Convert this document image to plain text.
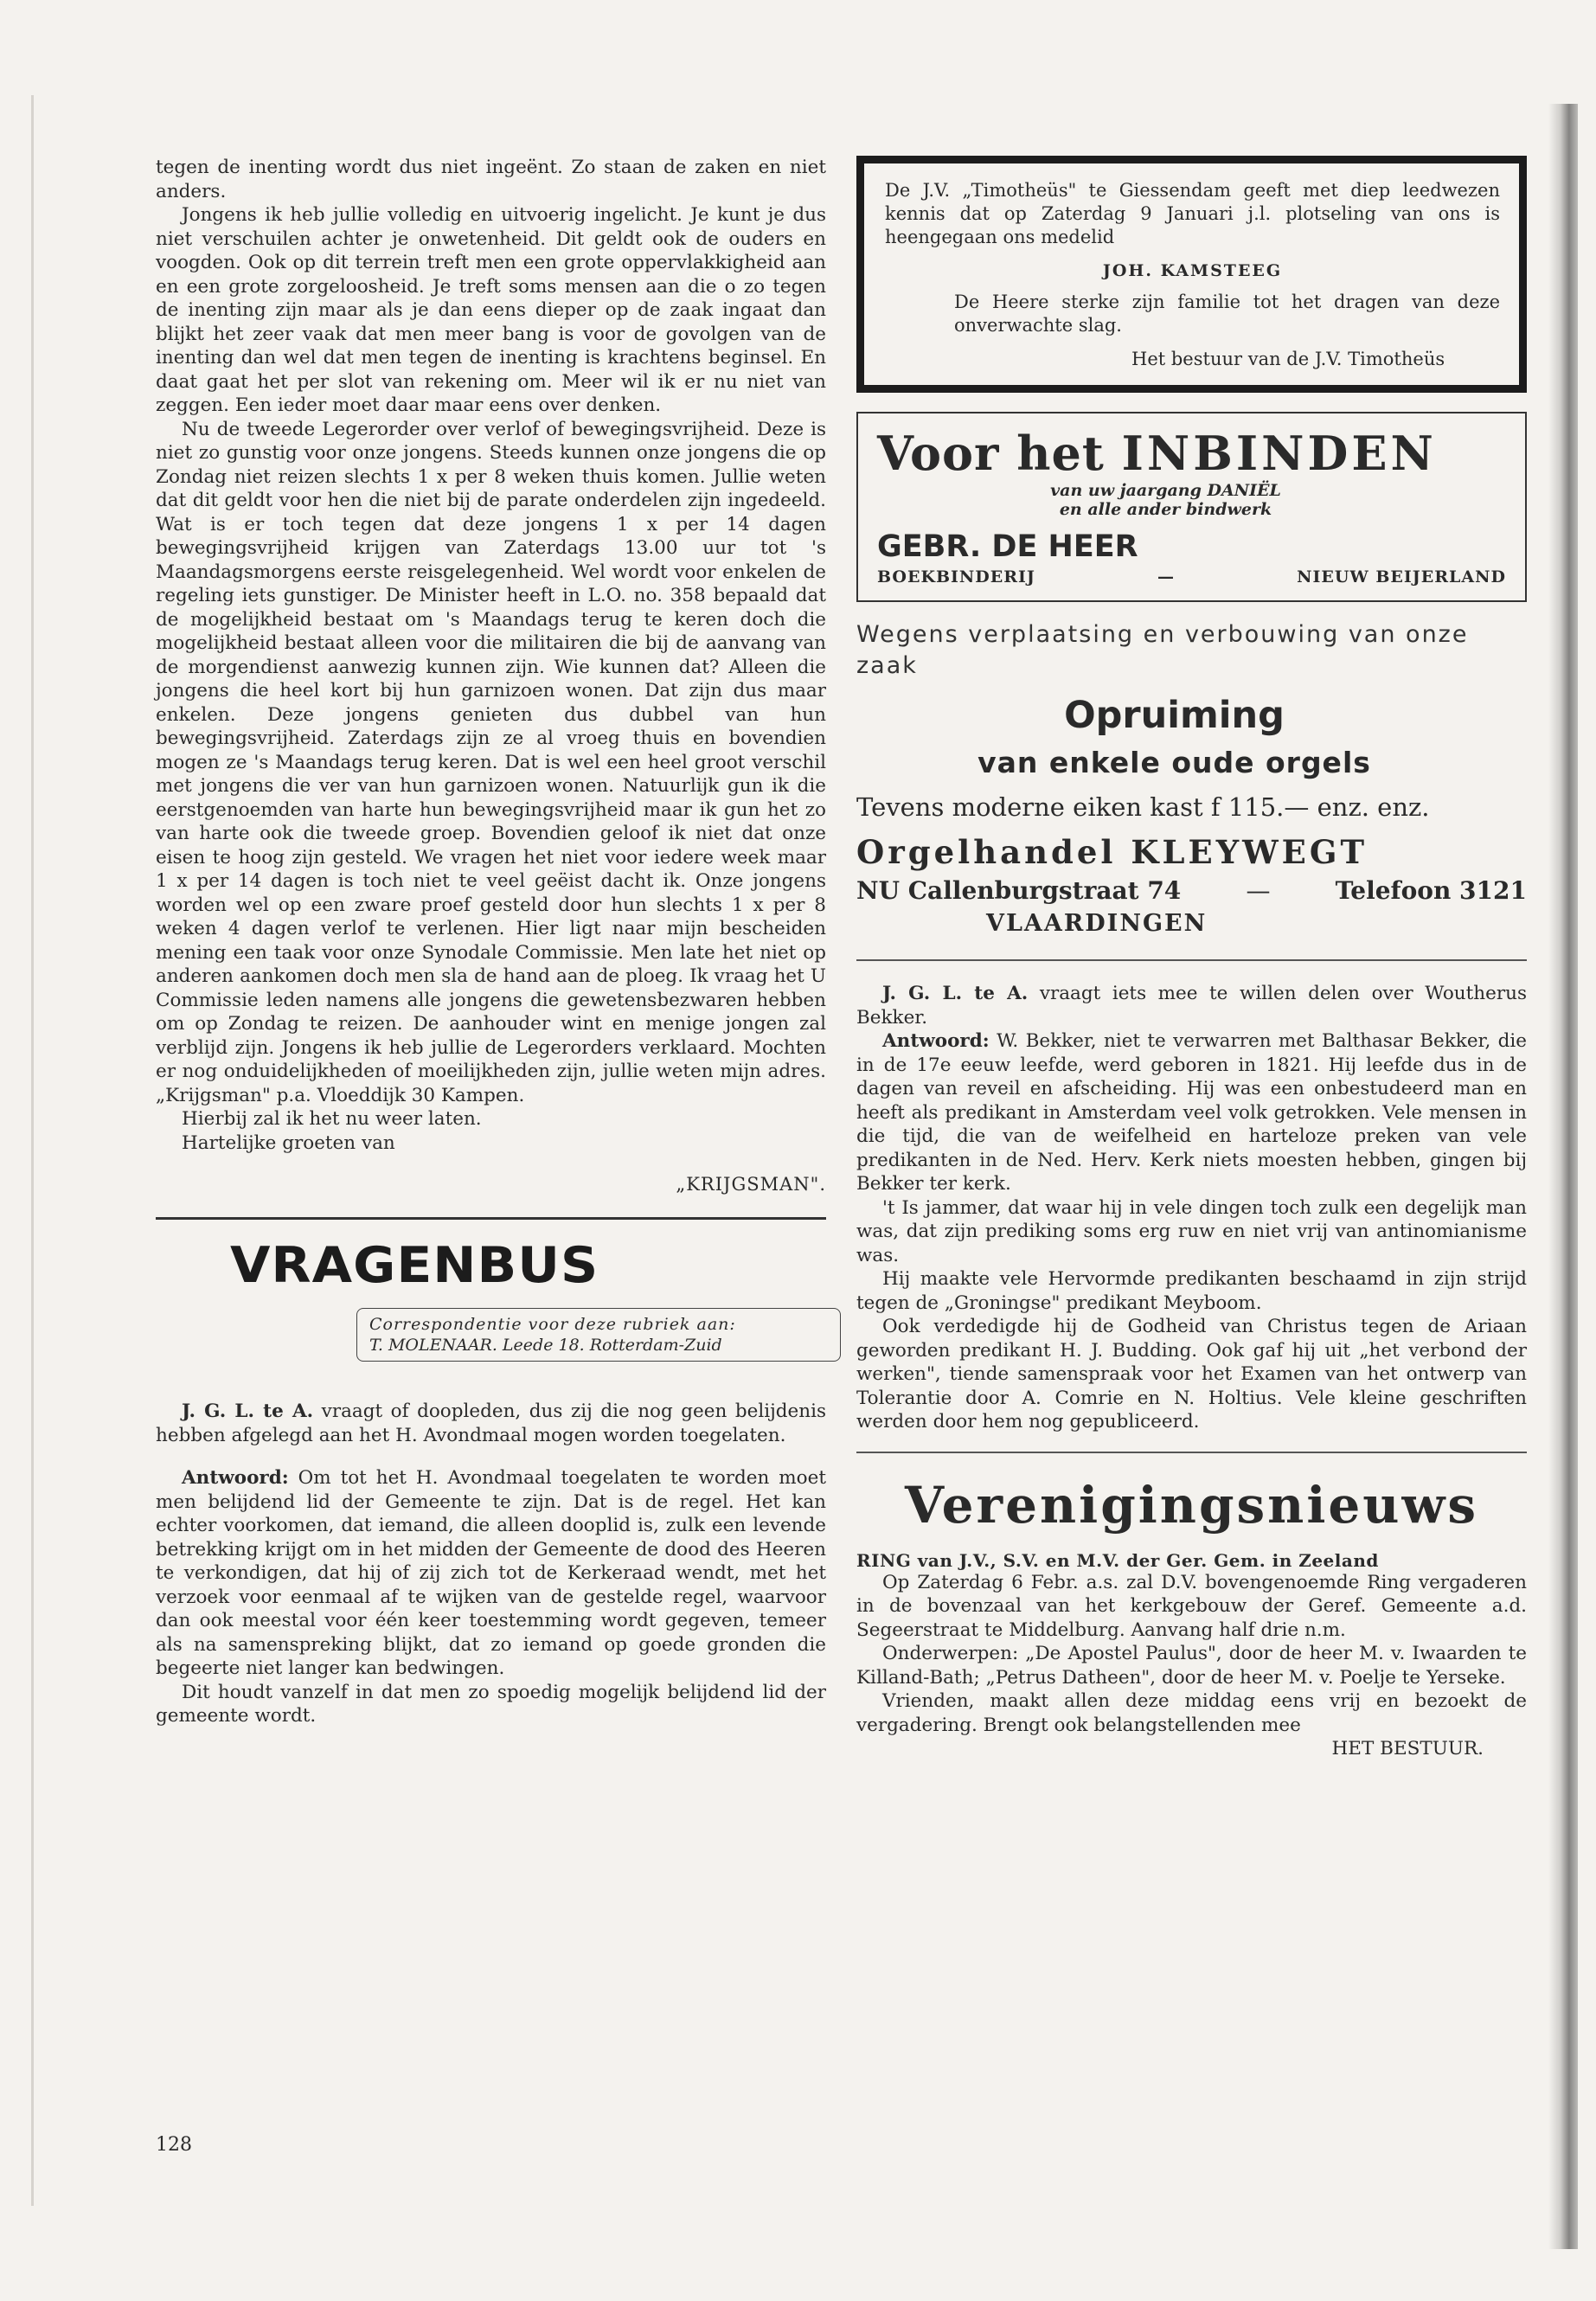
tegen de inenting wordt dus niet ingeënt. Zo staan de zaken en niet anders.

Jongens ik heb jullie volledig en uitvoerig ingelicht. Je kunt je dus niet verschuilen achter je onwetenheid. Dit geldt ook de ouders en voogden. Ook op dit terrein treft men een grote oppervlakkigheid aan en een grote zorgeloosheid. Je treft soms mensen aan die o zo tegen de inenting zijn maar als je dan eens dieper op de zaak ingaat dan blijkt het zeer vaak dat men meer bang is voor de govolgen van de inenting dan wel dat men tegen de inenting is krachtens beginsel. En daat gaat het per slot van rekening om. Meer wil ik er nu niet van zeggen. Een ieder moet daar maar eens over denken.

Nu de tweede Legerorder over verlof of bewegingsvrijheid. Deze is niet zo gunstig voor onze jongens. Steeds kunnen onze jongens die op Zondag niet reizen slechts 1 x per 8 weken thuis komen. Jullie weten dat dit geldt voor hen die niet bij de parate onderdelen zijn ingedeeld. Wat is er toch tegen dat deze jongens 1 x per 14 dagen bewegingsvrijheid krijgen van Zaterdags 13.00 uur tot 's Maandagsmorgens eerste reisgelegenheid. Wel wordt voor enkelen de regeling iets gunstiger. De Minister heeft in L.O. no. 358 bepaald dat de mogelijkheid bestaat om 's Maandags terug te keren doch die mogelijkheid bestaat alleen voor die militairen die bij de aanvang van de morgendienst aanwezig kunnen zijn. Wie kunnen dat? Alleen die jongens die heel kort bij hun garnizoen wonen. Dat zijn dus maar enkelen. Deze jongens genieten dus dubbel van hun bewegingsvrijheid. Zaterdags zijn ze al vroeg thuis en bovendien mogen ze 's Maandags terug keren. Dat is wel een heel groot verschil met jongens die ver van hun garnizoen wonen. Natuurlijk gun ik die eerstgenoemden van harte hun bewegingsvrijheid maar ik gun het zo van harte ook die tweede groep. Bovendien geloof ik niet dat onze eisen te hoog zijn gesteld. We vragen het niet voor iedere week maar 1 x per 14 dagen is toch niet te veel geëist dacht ik. Onze jongens worden wel op een zware proef gesteld door hun slechts 1 x per 8 weken 4 dagen verlof te verlenen. Hier ligt naar mijn bescheiden mening een taak voor onze Synodale Commissie. Men late het niet op anderen aankomen doch men sla de hand aan de ploeg. Ik vraag het U Commissie leden namens alle jongens die gewetensbezwaren hebben om op Zondag te reizen. De aanhouder wint en menige jongen zal verblijd zijn. Jongens ik heb jullie de Legerorders verklaard. Mochten er nog onduidelijkheden of moeilijkheden zijn, jullie weten mijn adres. „Krijgsman" p.a. Vloeddijk 30 Kampen.

Hierbij zal ik het nu weer laten.

Hartelijke groeten van

„KRIJGSMAN".
VRAGENBUS
Correspondentie voor deze rubriek aan:
T. MOLENAAR. Leede 18. Rotterdam-Zuid

J. G. L. te A. vraagt of doopleden, dus zij die nog geen belijdenis hebben afgelegd aan het H. Avondmaal mogen worden toegelaten.

Antwoord: Om tot het H. Avondmaal toegelaten te worden moet men belijdend lid der Gemeente te zijn. Dat is de regel. Het kan echter voorkomen, dat iemand, die alleen dooplid is, zulk een levende betrekking krijgt om in het midden der Gemeente de dood des Heeren te verkondigen, dat hij of zij zich tot de Kerkeraad wendt, met het verzoek voor eenmaal af te wijken van de gestelde regel, waarvoor dan ook meestal voor één keer toestemming wordt gegeven, temeer als na samenspreking blijkt, dat zo iemand op goede gronden die begeerte niet langer kan bedwingen.

Dit houdt vanzelf in dat men zo spoedig mogelijk belijdend lid der gemeente wordt.

De J.V. „Timotheüs" te Giessendam geeft met diep leedwezen kennis dat op Zaterdag 9 Januari j.l. plotseling van ons is heengegaan ons medelid

JOH. KAMSTEEG

De Heere sterke zijn familie tot het dragen van deze onverwachte slag.

Het bestuur van de J.V. Timotheüs

Voor het INBINDEN
van uw jaargang DANIËL
en alle ander bindwerk
GEBR. DE HEER
BOEKBINDERIJ	—	NIEUW BEIJERLAND
Wegens verplaatsing en verbouwing van onze zaak
Opruiming
van enkele oude orgels
Tevens moderne eiken kast f 115.— enz. enz.
Orgelhandel KLEYWEGT
NU Callenburgstraat 74	—	Telefoon 3121
VLAARDINGEN

J. G. L. te A. vraagt iets mee te willen delen over Woutherus Bekker.

Antwoord: W. Bekker, niet te verwarren met Balthasar Bekker, die in de 17e eeuw leefde, werd geboren in 1821. Hij leefde dus in de dagen van reveil en afscheiding. Hij was een onbestudeerd man en heeft als predikant in Amsterdam veel volk getrokken. Vele mensen in die tijd, die van de weifelheid en harteloze preken van vele predikanten in de Ned. Herv. Kerk niets moesten hebben, gingen bij Bekker ter kerk.

't Is jammer, dat waar hij in vele dingen toch zulk een degelijk man was, dat zijn prediking soms erg ruw en niet vrij van antinomianisme was.

Hij maakte vele Hervormde predikanten beschaamd in zijn strijd tegen de „Groningse" predikant Meyboom.

Ook verdedigde hij de Godheid van Christus tegen de Ariaan geworden predikant H. J. Budding. Ook gaf hij uit „het verbond der werken", tiende samenspraak voor het Examen van het ontwerp van Tolerantie door A. Comrie en N. Holtius. Vele kleine geschriften werden door hem nog gepubliceerd.

Verenigingsnieuws
RING van J.V., S.V. en M.V. der Ger. Gem. in Zeeland

Op Zaterdag 6 Febr. a.s. zal D.V. bovengenoemde Ring vergaderen in de bovenzaal van het kerkgebouw der Geref. Gemeente a.d. Segeerstraat te Middelburg. Aanvang half drie n.m.

Onderwerpen: „De Apostel Paulus", door de heer M. v. Iwaarden te Killand-Bath; „Petrus Datheen", door de heer M. v. Poelje te Yerseke.

Vrienden, maakt allen deze middag eens vrij en bezoekt de vergadering. Brengt ook belangstellenden mee

HET BESTUUR.

128
